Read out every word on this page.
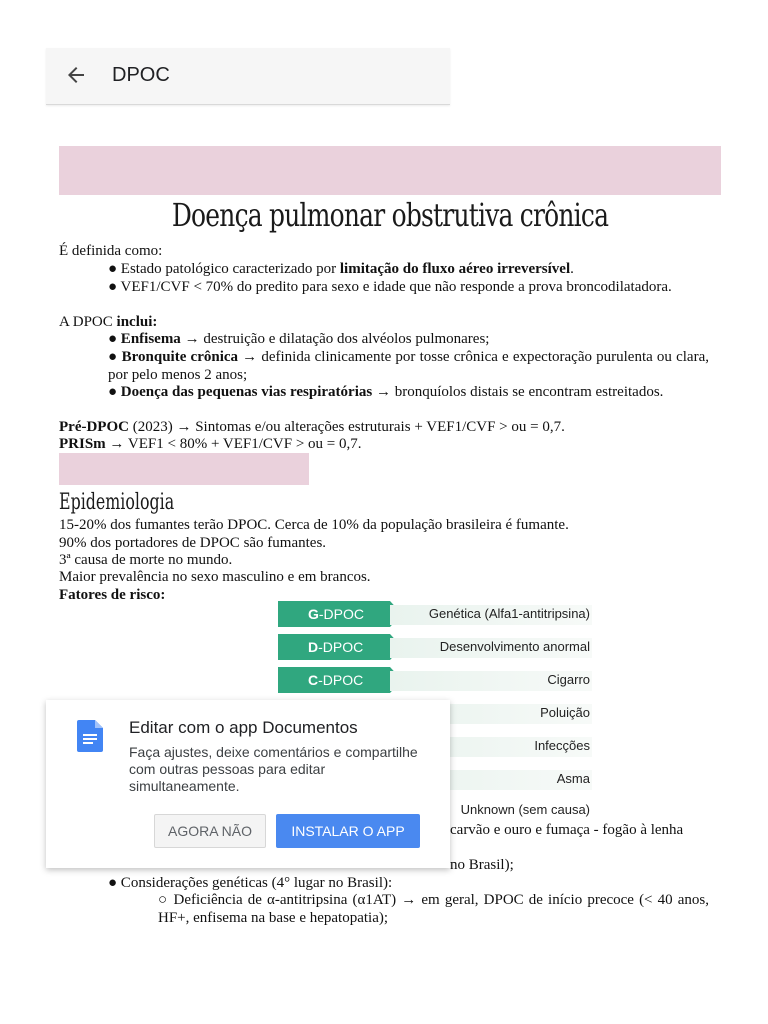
DPOC
Doença pulmonar obstrutiva crônica
É definida como:
● Estado patológico caracterizado por limitação do fluxo aéreo irreversível.
● VEF1/CVF < 70% do predito para sexo e idade que não responde a prova broncodilatadora.
A DPOC inclui:
● Enfisema → destruição e dilatação dos alvéolos pulmonares;
● Bronquite crônica → definida clinicamente por tosse crônica e expectoração purulenta ou clara, por pelo menos 2 anos;
● Doença das pequenas vias respiratórias → bronquíolos distais se encontram estreitados.
Pré-DPOC (2023) → Sintomas e/ou alterações estruturais + VEF1/CVF > ou = 0,7.
PRISm → VEF1 < 80% + VEF1/CVF > ou = 0,7.
Epidemiologia
15-20% dos fumantes terão DPOC. Cerca de 10% da população brasileira é fumante.
90% dos portadores de DPOC são fumantes.
3ª causa de morte no mundo.
Maior prevalência no sexo masculino e em brancos.
Fatores de risco:
G-DPOC	Genética (Alfa1-antitripsina)
D-DPOC	Desenvolvimento anormal
C-DPOC	Cigarro
Poluição
Infecções
Asma
Unknown (sem causa)
carvão e ouro e fumaça - fogão à lenha
no Brasil);
● Considerações genéticas (4° lugar no Brasil):
○ Deficiência de α-antitripsina (α1AT) → em geral, DPOC de início precoce (< 40 anos, HF+, enfisema na base e hepatopatia);
Editar com o app Documentos
Faça ajustes, deixe comentários e compartilhe com outras pessoas para editar simultaneamente.
AGORA NÃO	INSTALAR O APP
